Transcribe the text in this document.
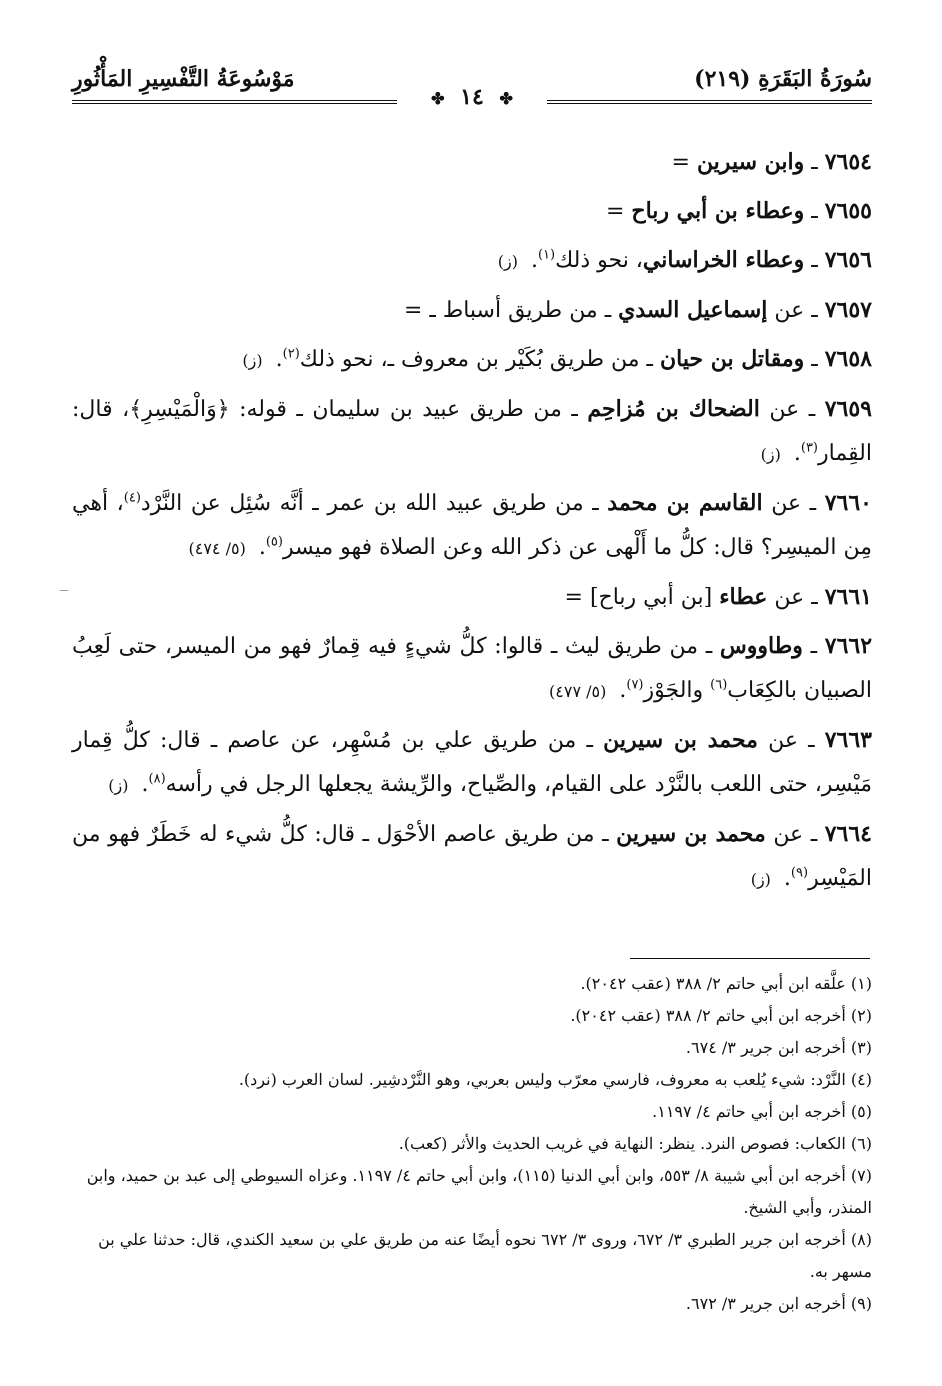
سُورَةُ البَقَرَةِ (٢١٩)
مَوْسُوعَةُ التَّفْسِيرِ المَأْثُورِ
✤ ١٤ ✤
٧٦٥٤ ـ وابن سيرين =
٧٦٥٥ ـ وعطاء بن أبي رباح =
٧٦٥٦ ـ وعطاء الخراساني، نحو ذلك$^{(١)}$. (ز)
٧٦٥٧ ـ عن إسماعيل السدي ـ من طريق أسباط ـ =
٧٦٥٨ ـ ومقاتل بن حيان ـ من طريق بُكَيْر بن معروف ـ، نحو ذلك$^{(٢)}$. (ز)
٧٦٥٩ ـ عن الضحاك بن مُزاحِم ـ من طريق عبيد بن سليمان ـ قوله: ﴿وَالْمَيْسِرِ﴾، قال: القِمار$^{(٣)}$. (ز)
٧٦٦٠ ـ عن القاسم بن محمد ـ من طريق عبيد الله بن عمر ـ أنَّه سُئِل عن النَّرْد$^{(٤)}$، أهي مِن الميسِر؟ قال: كلُّ ما أَلْهى عن ذكر الله وعن الصلاة فهو ميسر$^{(٥)}$. (٥/ ٤٧٤)
٧٦٦١ ـ عن عطاء [بن أبي رباح] =
٧٦٦٢ ـ وطاووس ـ من طريق ليث ـ قالوا: كلُّ شيءٍ فيه قِمارٌ فهو من الميسر، حتى لَعِبُ الصبيان بالكِعَاب$^{(٦)}$ والجَوْز$^{(٧)}$. (٥/ ٤٧٧)
٧٦٦٣ ـ عن محمد بن سيرين ـ من طريق علي بن مُسْهِر، عن عاصم ـ قال: كلُّ قِمار مَيْسِر، حتى اللعب بالنَّرْد على القيام، والصِّياح، والرِّيشة يجعلها الرجل في رأسه$^{(٨)}$. (ز)
٧٦٦٤ ـ عن محمد بن سيرين ـ من طريق عاصم الأحْوَل ـ قال: كلُّ شيء له خَطَرٌ فهو من المَيْسِر$^{(٩)}$. (ز)
(١) علَّقه ابن أبي حاتم ٢/ ٣٨٨ (عقب ٢٠٤٢).
(٢) أخرجه ابن أبي حاتم ٢/ ٣٨٨ (عقب ٢٠٤٢).
(٣) أخرجه ابن جرير ٣/ ٦٧٤.
(٤) النَّرْد: شيء يُلعب به معروف، فارسي معرّب وليس بعربي، وهو النَّرْدشِير. لسان العرب (نرد).
(٥) أخرجه ابن أبي حاتم ٤/ ١١٩٧.
(٦) الكعاب: فصوص النرد. ينظر: النهاية في غريب الحديث والأثر (كعب).
(٧) أخرجه ابن أبي شيبة ٨/ ٥٥٣، وابن أبي الدنيا (١١٥)، وابن أبي حاتم ٤/ ١١٩٧. وعزاه السيوطي إلى عبد بن حميد، وابن المنذر، وأبي الشيخ.
(٨) أخرجه ابن جرير الطبري ٣/ ٦٧٢، وروى ٣/ ٦٧٢ نحوه أيضًا عنه من طريق علي بن سعيد الكندي، قال: حدثنا علي بن مسهر به.
(٩) أخرجه ابن جرير ٣/ ٦٧٢.
